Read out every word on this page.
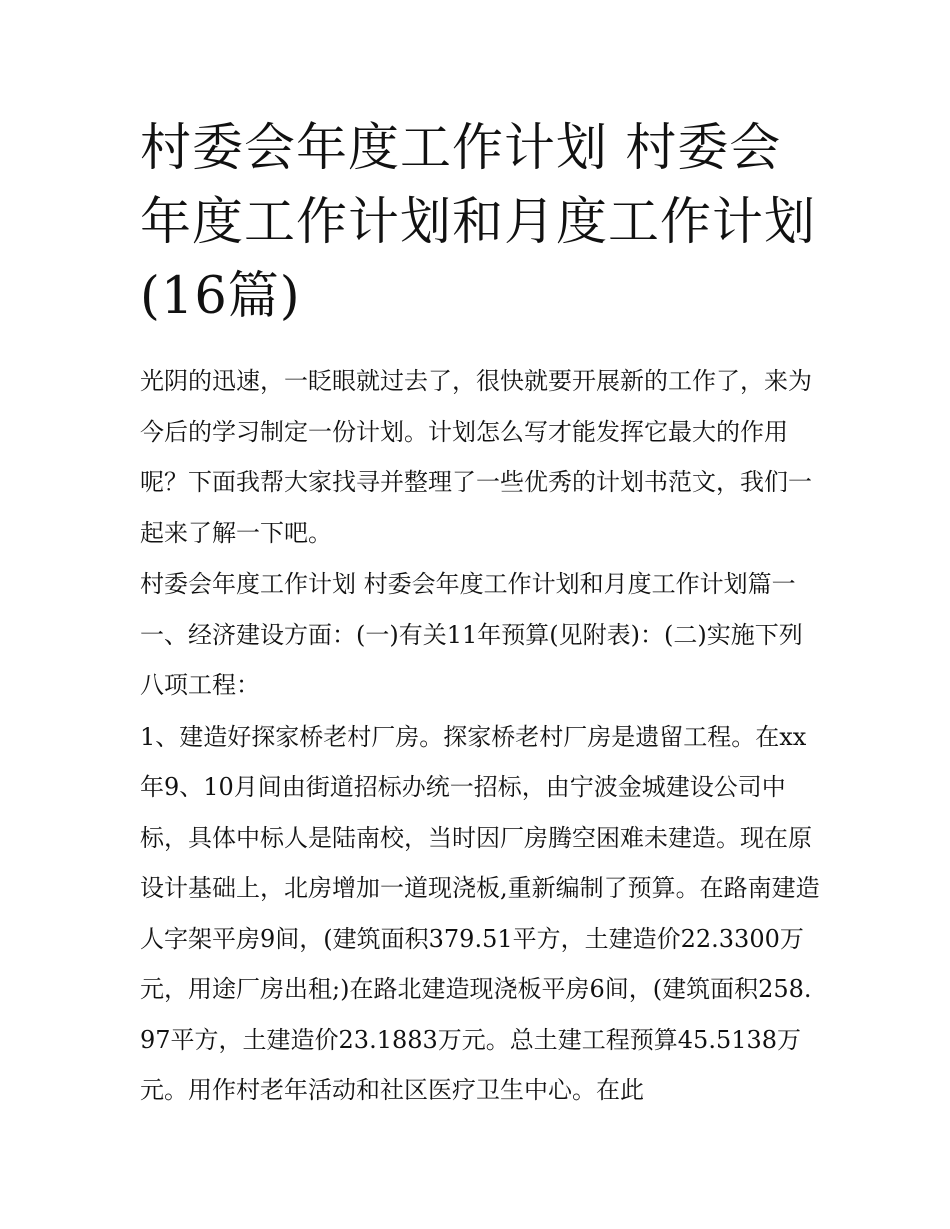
村委会年度工作计划 村委会年度工作计划和月度工作计划(16篇)

光阴的迅速，一眨眼就过去了，很快就要开展新的工作了，来为今后的学习制定一份计划。计划怎么写才能发挥它最大的作用呢？下面我帮大家找寻并整理了一些优秀的计划书范文，我们一起来了解一下吧。

村委会年度工作计划 村委会年度工作计划和月度工作计划篇一 一、经济建设方面：(一)有关11年预算(见附表)：(二)实施下列八项工程：

1、建造好探家桥老村厂房。探家桥老村厂房是遗留工程。在xx年9、10月间由街道招标办统一招标，由宁波金城建设公司中标，具体中标人是陆南校，当时因厂房腾空困难未建造。现在原设计基础上，北房增加一道现浇板,重新编制了预算。在路南建造人字架平房9间，(建筑面积379.51平方，土建造价22.3300万元，用途厂房出租;)在路北建造现浇板平房6间，(建筑面积258.97平方，土建造价23.1883万元。总土建工程预算45.5138万元。用作村老年活动和社区医疗卫生中心。在此
